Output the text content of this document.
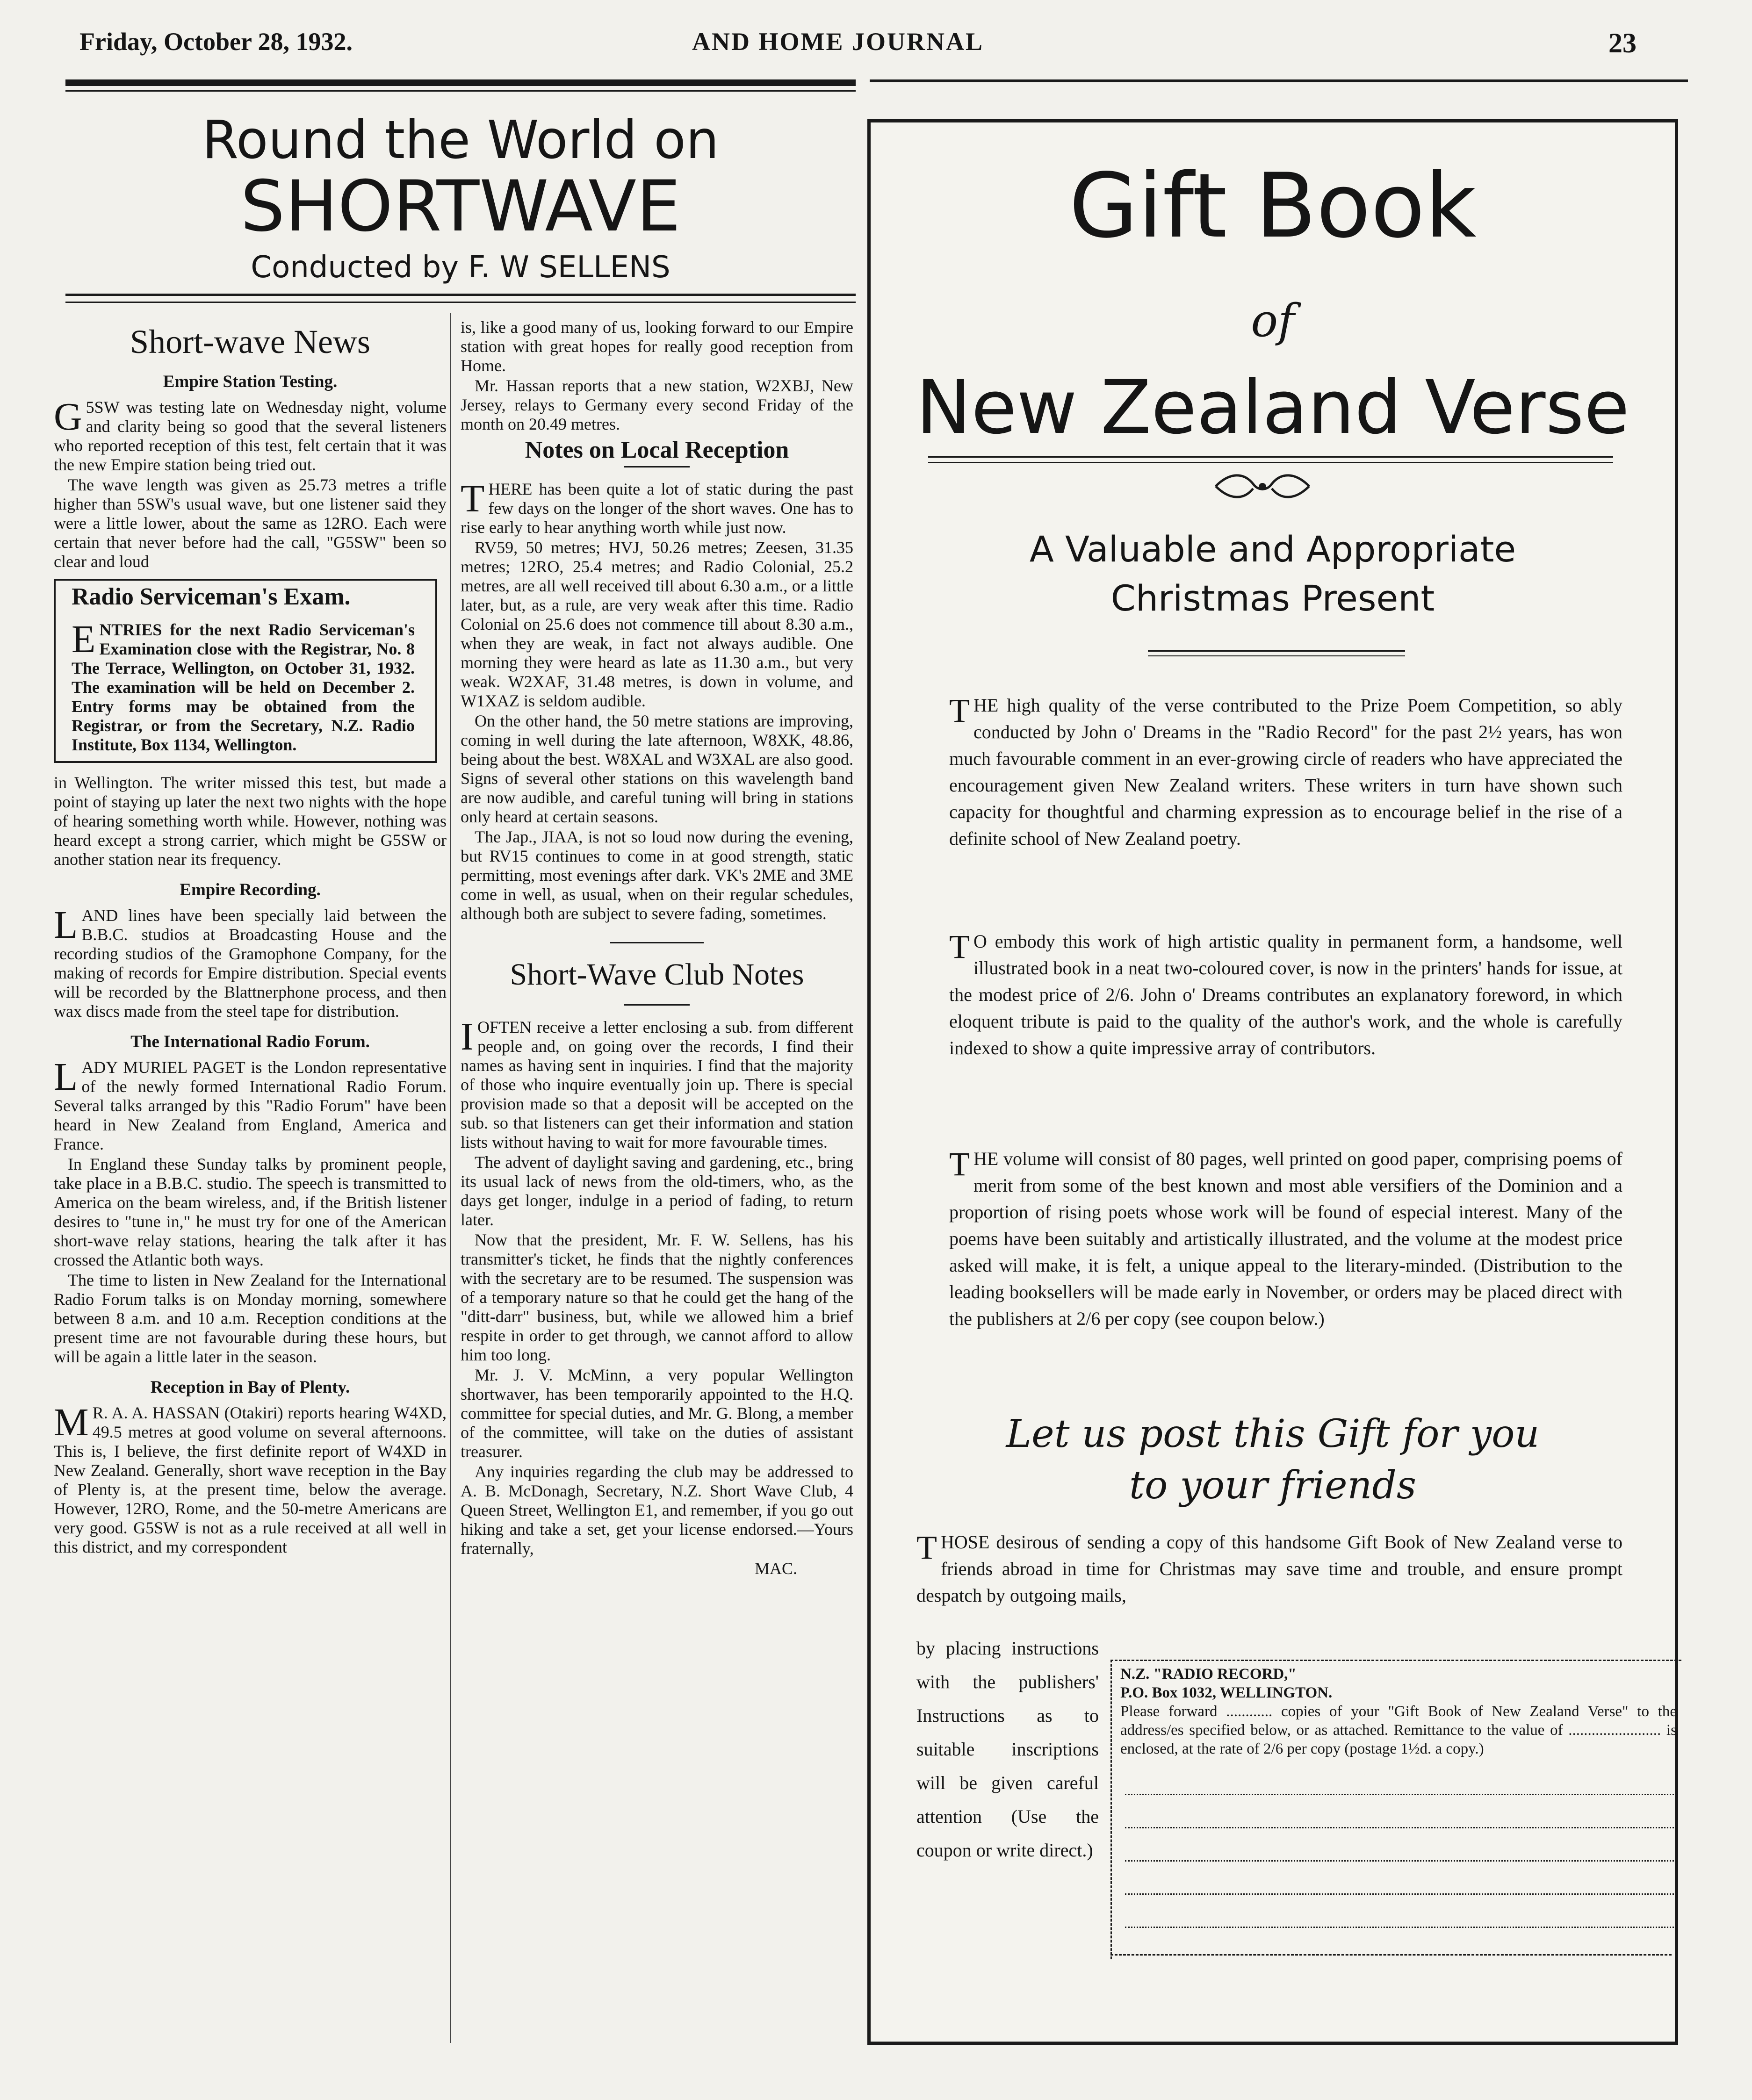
Friday, October 28, 1932.	AND HOME JOURNAL	23
Round the World on
SHORTWAVE
Conducted by F. W SELLENS
Short-wave News
Empire Station Testing.

G 5SW was testing late on Wednesday night, volume and clarity being so good that the several listeners who reported reception of this test, felt certain that it was the new Empire station being tried out.

The wave length was given as 25.73 metres a trifle higher than 5SW's usual wave, but one listener said they were a little lower, about the same as 12RO. Each were certain that never before had the call, "G5SW" been so clear and loud

Radio Serviceman's Exam.

ENTRIES for the next Radio Serviceman's Examination close with the Registrar, No. 8 The Terrace, Wellington, on October 31, 1932. The examination will be held on December 2. Entry forms may be obtained from the Registrar, or from the Secretary, N.Z. Radio Institute, Box 1134, Wellington.

in Wellington. The writer missed this test, but made a point of staying up later the next two nights with the hope of hearing something worth while. However, nothing was heard except a strong carrier, which might be G5SW or another station near its frequency.

Empire Recording.

LAND lines have been specially laid between the B.B.C. studios at Broadcasting House and the recording studios of the Gramophone Company, for the making of records for Empire distribution. Special events will be recorded by the Blattnerphone process, and then wax discs made from the steel tape for distribution.

The International Radio Forum.

LADY MURIEL PAGET is the London representative of the newly formed International Radio Forum. Several talks arranged by this "Radio Forum" have been heard in New Zealand from England, America and France.

In England these Sunday talks by prominent people, take place in a B.B.C. studio. The speech is transmitted to America on the beam wireless, and, if the British listener desires to "tune in," he must try for one of the American short-wave relay stations, hearing the talk after it has crossed the Atlantic both ways.

The time to listen in New Zealand for the International Radio Forum talks is on Monday morning, somewhere between 8 a.m. and 10 a.m. Reception conditions at the present time are not favourable during these hours, but will be again a little later in the season.

Reception in Bay of Plenty.

M R. A. A. HASSAN (Otakiri) reports hearing W4XD, 49.5 metres at good volume on several afternoons. This is, I believe, the first definite report of W4XD in New Zealand. Generally, short wave reception in the Bay of Plenty is, at the present time, below the average. However, 12RO, Rome, and the 50-metre Americans are very good. G5SW is not as a rule received at all well in this district, and my correspondent

is, like a good many of us, looking forward to our Empire station with great hopes for really good reception from Home.

Mr. Hassan reports that a new station, W2XBJ, New Jersey, relays to Germany every second Friday of the month on 20.49 metres.

Notes on Local Reception

THERE has been quite a lot of static during the past few days on the longer of the short waves. One has to rise early to hear anything worth while just now.

RV59, 50 metres; HVJ, 50.26 metres; Zeesen, 31.35 metres; 12RO, 25.4 metres; and Radio Colonial, 25.2 metres, are all well received till about 6.30 a.m., or a little later, but, as a rule, are very weak after this time. Radio Colonial on 25.6 does not commence till about 8.30 a.m., when they are weak, in fact not always audible. One morning they were heard as late as 11.30 a.m., but very weak. W2XAF, 31.48 metres, is down in volume, and W1XAZ is seldom audible.

On the other hand, the 50 metre stations are improving, coming in well during the late afternoon, W8XK, 48.86, being about the best. W8XAL and W3XAL are also good. Signs of several other stations on this wavelength band are now audible, and careful tuning will bring in stations only heard at certain seasons.

The Jap., JIAA, is not so loud now during the evening, but RV15 continues to come in at good strength, static permitting, most evenings after dark. VK's 2ME and 3ME come in well, as usual, when on their regular schedules, although both are subject to severe fading, sometimes.

Short-Wave Club Notes

IOFTEN receive a letter enclosing a sub. from different people and, on going over the records, I find their names as having sent in inquiries. I find that the majority of those who inquire eventually join up. There is special provision made so that a deposit will be accepted on the sub. so that listeners can get their information and station lists without having to wait for more favourable times.

The advent of daylight saving and gardening, etc., bring its usual lack of news from the old-timers, who, as the days get longer, indulge in a period of fading, to return later.

Now that the president, Mr. F. W. Sellens, has his transmitter's ticket, he finds that the nightly conferences with the secretary are to be resumed. The suspension was of a temporary nature so that he could get the hang of the "ditt-darr" business, but, while we allowed him a brief respite in order to get through, we cannot afford to allow him too long.

Mr. J. V. McMinn, a very popular Wellington shortwaver, has been temporarily appointed to the H.Q. committee for special duties, and Mr. G. Blong, a member of the committee, will take on the duties of assistant treasurer.

Any inquiries regarding the club may be addressed to A. B. McDonagh, Secretary, N.Z. Short Wave Club, 4 Queen Street, Wellington E1, and remember, if you go out hiking and take a set, get your license endorsed.—Yours fraternally,

MAC.
Gift Book
of
New Zealand Verse
A Valuable and Appropriate
Christmas Present

THE high quality of the verse contributed to the Prize Poem Competition, so ably conducted by John o' Dreams in the "Radio Record" for the past 2½ years, has won much favourable comment in an ever-growing circle of readers who have appreciated the encouragement given New Zealand writers. These writers in turn have shown such capacity for thoughtful and charming expression as to encourage belief in the rise of a definite school of New Zealand poetry.

T O embody this work of high artistic quality in permanent form, a handsome, well illustrated book in a neat two-coloured cover, is now in the printers' hands for issue, at the modest price of 2/6. John o' Dreams contributes an explanatory foreword, in which eloquent tribute is paid to the quality of the author's work, and the whole is carefully indexed to show a quite impressive array of contributors.

THE volume will consist of 80 pages, well printed on good paper, comprising poems of merit from some of the best known and most able versifiers of the Dominion and a proportion of rising poets whose work will be found of especial interest. Many of the poems have been suitably and artistically illustrated, and the volume at the modest price asked will make, it is felt, a unique appeal to the literary-minded. (Distribution to the leading booksellers will be made early in November, or orders may be placed direct with the publishers at 2/6 per copy (see coupon below.)

Let us post this Gift for you
to your friends

THOSE desirous of sending a copy of this handsome Gift Book of New Zealand verse to friends abroad in time for Christmas may save time and trouble, and ensure prompt despatch by outgoing mails,

by placing instructions with the publishers' Instructions as to suitable inscriptions will be given careful attention (Use the coupon or write direct.)
N.Z. "RADIO RECORD,"
P.O. Box 1032, WELLINGTON.
Please forward ............ copies of your "Gift Book of New Zealand Verse" to the address/es specified below, or as attached. Remittance to the value of ........................ is enclosed, at the rate of 2/6 per copy (postage 1½d. a copy.)
